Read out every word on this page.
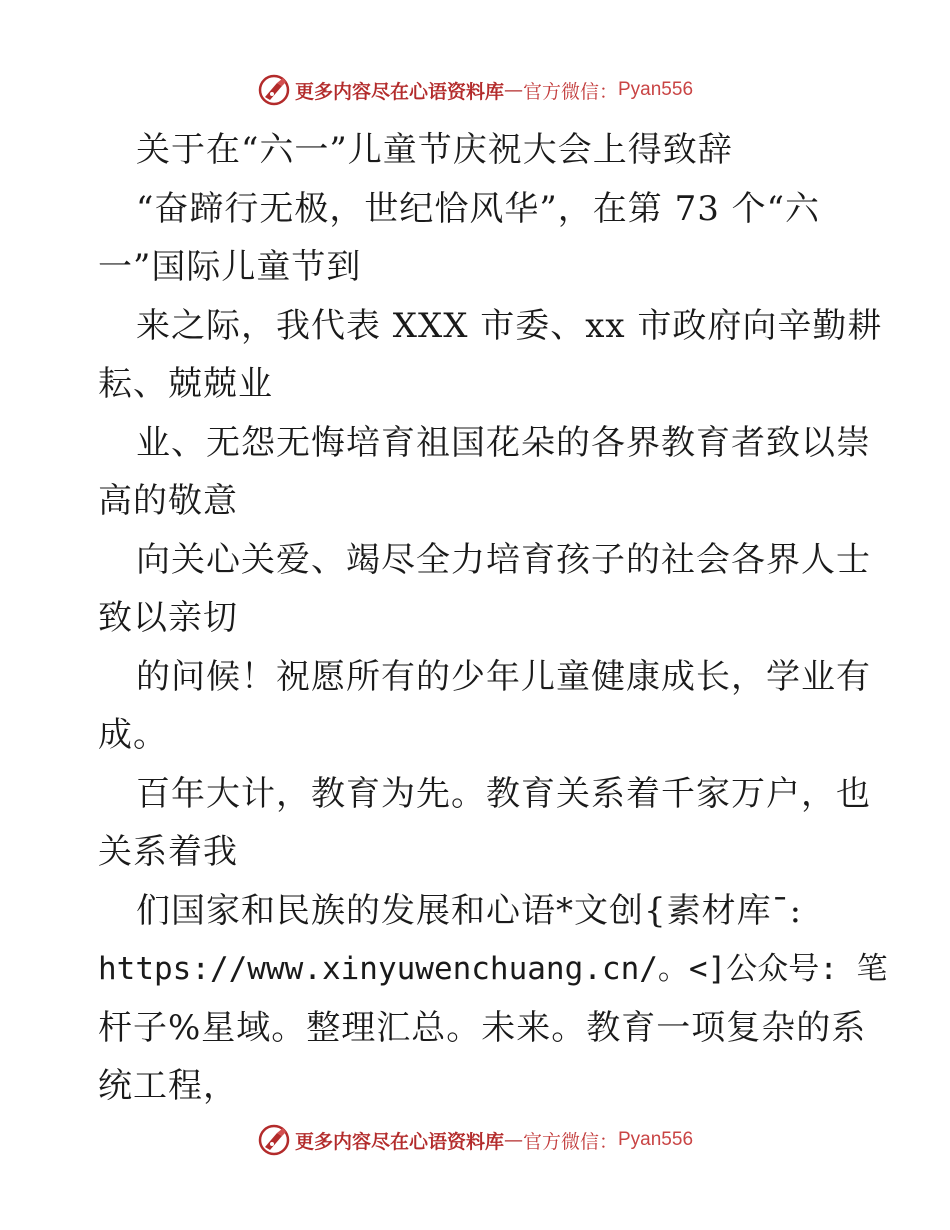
更多内容尽在心语资料库 — 官方微信： Pyan556
关于在“六一”儿童节庆祝大会上得致辞
“奋蹄行无极，世纪恰风华”，在第 73 个“六
一”国际儿童节到
来之际，我代表 XXX 市委、xx 市政府向辛勤耕
耘、兢兢业
业、无怨无悔培育祖国花朵的各界教育者致以崇
高的敬意
向关心关爱、竭尽全力培育孩子的社会各界人士
致以亲切
的问候！祝愿所有的少年儿童健康成长，学业有
成。
百年大计，教育为先。教育关系着千家万户，也
关系着我
们国家和民族的发展和心语*文创{素材库¯:
https://www.xinyuwenchuang.cn/。<]公众号: 笔
杆子%星域。整理汇总。未来。教育一项复杂的系
统工程，
更多内容尽在心语资料库 — 官方微信： Pyan556
